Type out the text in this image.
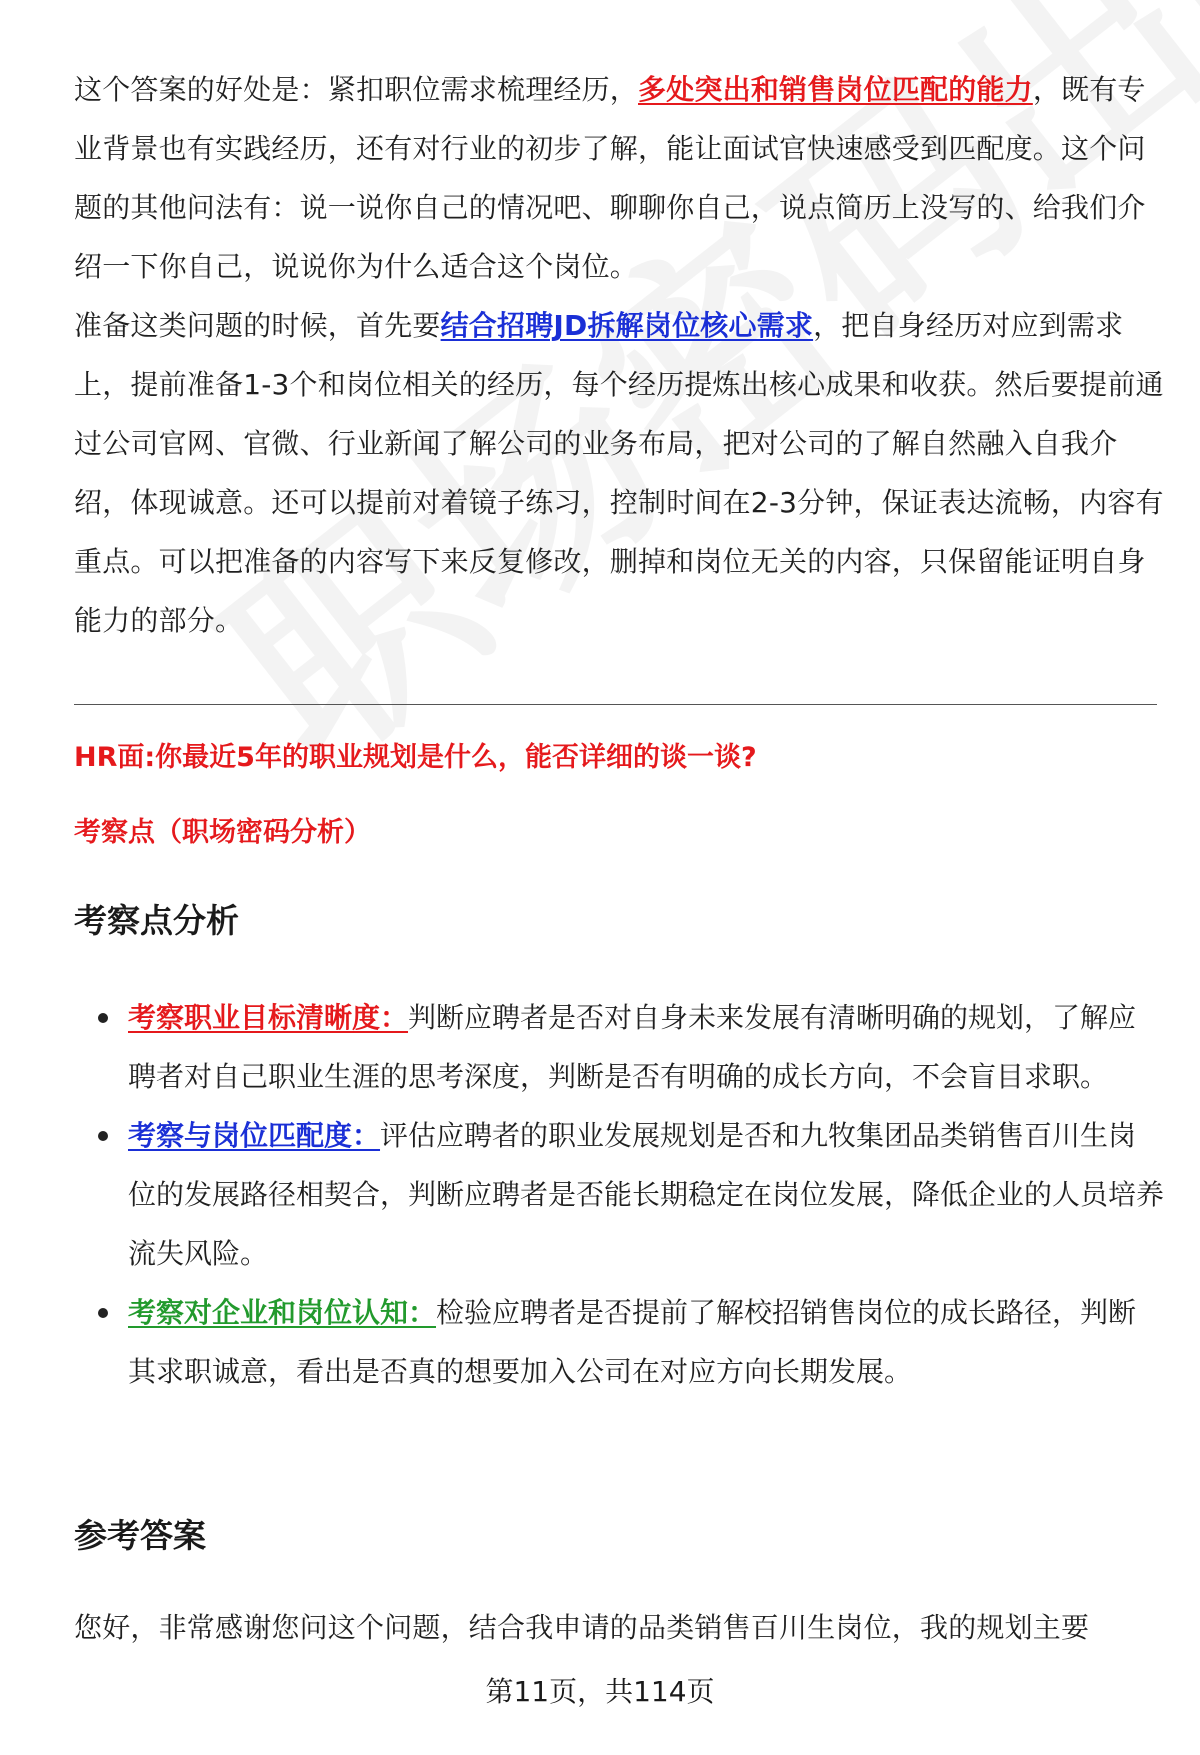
这个答案的好处是：紧扣职位需求梳理经历，多处突出和销售岗位匹配的能力，既有专业背景也有实践经历，还有对行业的初步了解，能让面试官快速感受到匹配度。这个问题的其他问法有：说一说你自己的情况吧、聊聊你自己，说点简历上没写的、给我们介绍一下你自己，说说你为什么适合这个岗位。

准备这类问题的时候，首先要结合招聘JD拆解岗位核心需求，把自身经历对应到需求上，提前准备1-3个和岗位相关的经历，每个经历提炼出核心成果和收获。然后要提前通过公司官网、官微、行业新闻了解公司的业务布局，把对公司的了解自然融入自我介绍，体现诚意。还可以提前对着镜子练习，控制时间在2-3分钟，保证表达流畅，内容有重点。可以把准备的内容写下来反复修改，删掉和岗位无关的内容，只保留能证明自身能力的部分。

HR面:你最近5年的职业规划是什么，能否详细的谈一谈?
考察点（职场密码分析）
考察点分析
考察职业目标清晰度：判断应聘者是否对自身未来发展有清晰明确的规划，了解应聘者对自己职业生涯的思考深度，判断是否有明确的成长方向，不会盲目求职。
考察与岗位匹配度：评估应聘者的职业发展规划是否和九牧集团品类销售百川生岗位的发展路径相契合，判断应聘者是否能长期稳定在岗位发展，降低企业的人员培养流失风险。
考察对企业和岗位认知：检验应聘者是否提前了解校招销售岗位的成长路径，判断其求职诚意，看出是否真的想要加入公司在对应方向长期发展。
参考答案

您好，非常感谢您问这个问题，结合我申请的品类销售百川生岗位，我的规划主要

第11页，共114页
